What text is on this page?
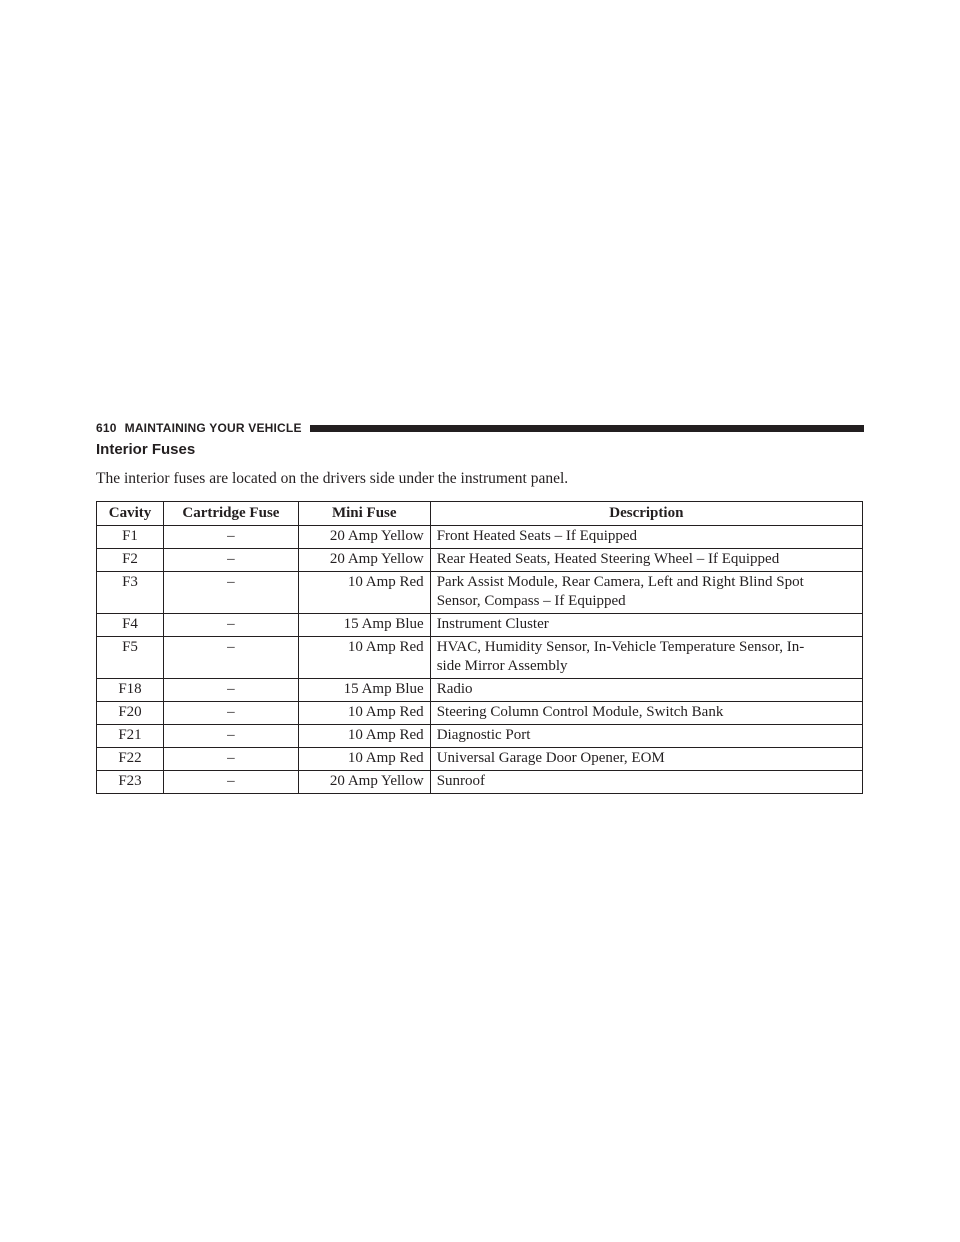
610 MAINTAINING YOUR VEHICLE
Interior Fuses

The interior fuses are located on the drivers side under the instrument panel.

Cavity	Cartridge Fuse	Mini Fuse	Description
F1	–	20 Amp Yellow	Front Heated Seats – If Equipped
F2	–	20 Amp Yellow	Rear Heated Seats, Heated Steering Wheel – If Equipped
F3	–	10 Amp Red	Park Assist Module, Rear Camera, Left and Right Blind Spot
Sensor, Compass – If Equipped
F4	–	15 Amp Blue	Instrument Cluster
F5	–	10 Amp Red	HVAC, Humidity Sensor, In-Vehicle Temperature Sensor, In-
side Mirror Assembly
F18	–	15 Amp Blue	Radio
F20	–	10 Amp Red	Steering Column Control Module, Switch Bank
F21	–	10 Amp Red	Diagnostic Port
F22	–	10 Amp Red	Universal Garage Door Opener, EOM
F23	–	20 Amp Yellow	Sunroof
